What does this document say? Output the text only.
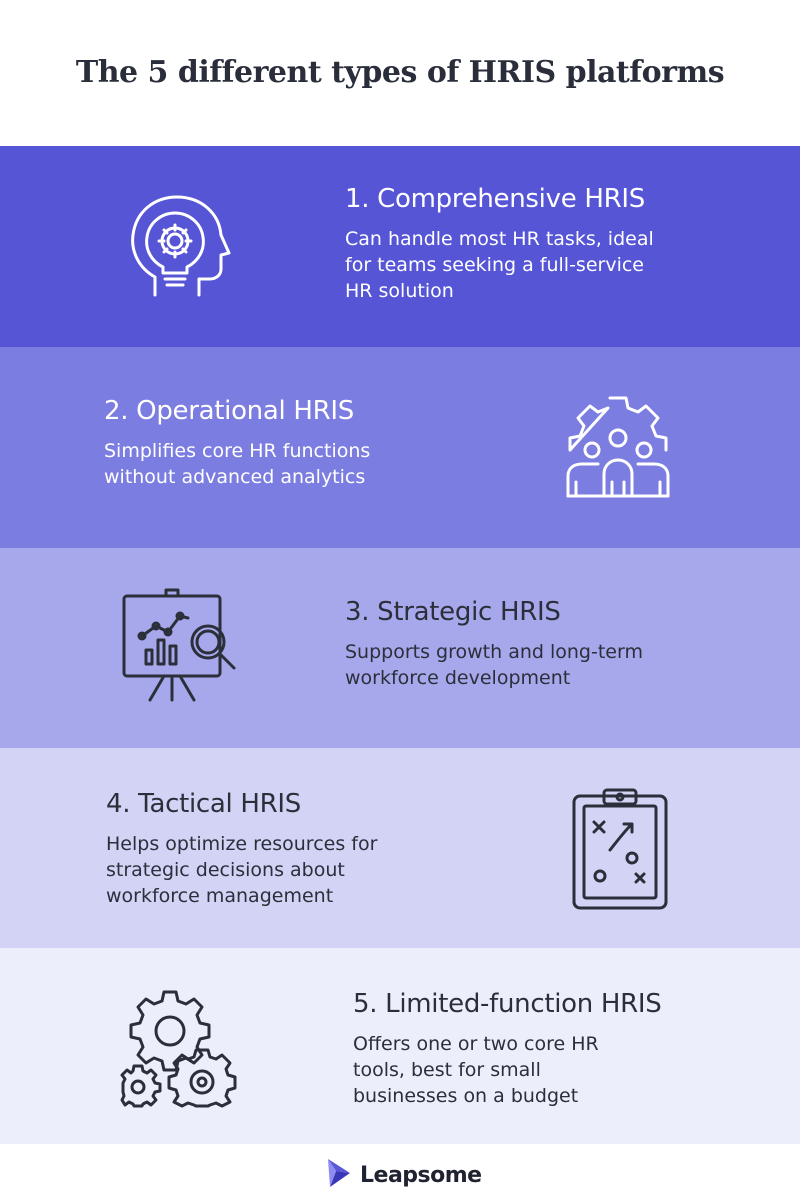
The 5 different types of HRIS platforms
1. Comprehensive HRIS
Can handle most HR tasks, ideal
for teams seeking a full-service
HR solution
2. Operational HRIS
Simplifies core HR functions
without advanced analytics
3. Strategic HRIS
Supports growth and long-term
workforce development
4. Tactical HRIS
Helps optimize resources for
strategic decisions about
workforce management
5. Limited-function HRIS
Offers one or two core HR
tools, best for small
businesses on a budget
Leapsome
